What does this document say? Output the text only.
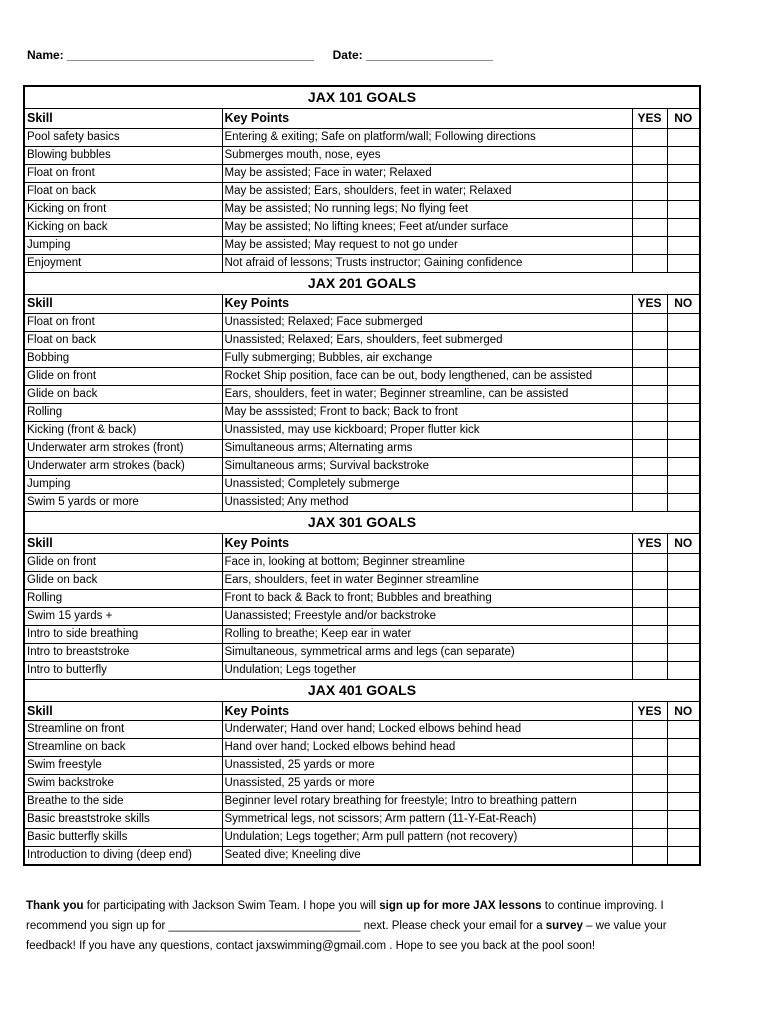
Name: _____________________________________ Date: ___________________
JAX 101 GOALS
Skill	Key Points	YES	NO
Pool safety basics	Entering & exiting; Safe on platform/wall; Following directions		
Blowing bubbles	Submerges mouth, nose, eyes		
Float on front	May be assisted; Face in water; Relaxed		
Float on back	May be assisted; Ears, shoulders, feet in water; Relaxed		
Kicking on front	May be assisted; No running legs; No flying feet		
Kicking on back	May be assisted; No lifting knees; Feet at/under surface		
Jumping	May be assisted; May request to not go under		
Enjoyment	Not afraid of lessons; Trusts instructor; Gaining confidence		
JAX 201 GOALS
Skill	Key Points	YES	NO
Float on front	Unassisted; Relaxed; Face submerged		
Float on back	Unassisted; Relaxed; Ears, shoulders, feet submerged		
Bobbing	Fully submerging; Bubbles, air exchange		
Glide on front	Rocket Ship position, face can be out, body lengthened, can be assisted		
Glide on back	Ears, shoulders, feet in water; Beginner streamline, can be assisted		
Rolling	May be asssisted; Front to back; Back to front		
Kicking (front & back)	Unassisted, may use kickboard; Proper flutter kick		
Underwater arm strokes (front)	Simultaneous arms; Alternating arms		
Underwater arm strokes (back)	Simultaneous arms; Survival backstroke		
Jumping	Unassisted; Completely submerge		
Swim 5 yards or more	Unassisted; Any method		
JAX 301 GOALS
Skill	Key Points	YES	NO
Glide on front	Face in, looking at bottom; Beginner streamline		
Glide on back	Ears, shoulders, feet in water Beginner streamline		
Rolling	Front to back & Back to front; Bubbles and breathing		
Swim 15 yards +	Uanassisted; Freestyle and/or backstroke		
Intro to side breathing	Rolling to breathe; Keep ear in water		
Intro to breaststroke	Simultaneous, symmetrical arms and legs (can separate)		
Intro to butterfly	Undulation; Legs together		
JAX 401 GOALS
Skill	Key Points	YES	NO
Streamline on front	Underwater; Hand over hand; Locked elbows behind head		
Streamline on back	Hand over hand; Locked elbows behind head		
Swim freestyle	Unassisted, 25 yards or more		
Swim backstroke	Unassisted, 25 yards or more		
Breathe to the side	Beginner level rotary breathing for freestyle; Intro to breathing pattern		
Basic breaststroke skills	Symmetrical legs, not scissors; Arm pattern (11-Y-Eat-Reach)		
Basic butterfly skills	Undulation; Legs together; Arm pull pattern (not recovery)		
Introduction to diving (deep end)	Seated dive; Kneeling dive		
Thank you for participating with Jackson Swim Team. I hope you will sign up for more JAX lessons to continue improving. I recommend you sign up for ______________________________ next. Please check your email for a survey – we value your feedback! If you have any questions, contact jaxswimming@gmail.com . Hope to see you back at the pool soon!
